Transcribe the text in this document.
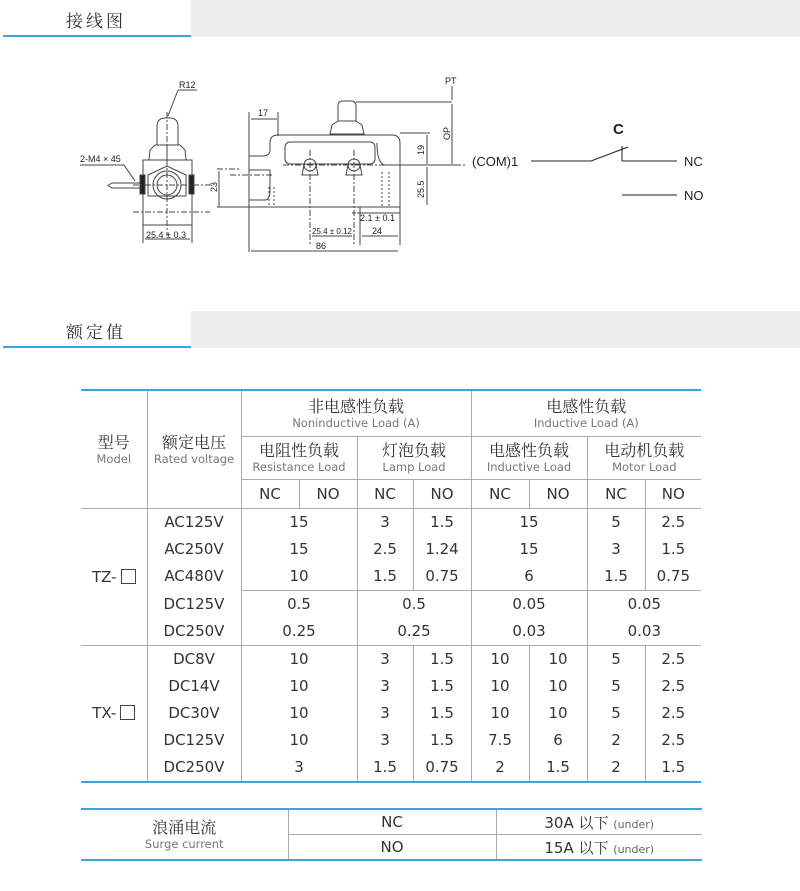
接线图
R12
2-M4 × 45
25.4 ± 0.3
23
PT
OP
17
19
25.5
2.1 ± 0.1
25.4 ± 0.12 24
86
C
(COM)1	NC
NO
额定值
型号
Model	额定电压
Rated voltage	非电感性负载
Noninductive Load (A)				电感性负载
Inductive Load (A)			

		电阻性负载
Resistance Load		灯泡负载
Lamp Load		电感性负载
Inductive Load		电动机负载
Motor Load	

		NC	NO	NC	NO	NC	NO	NC	NO
TZ-	AC125V	15		3	1.5	15		5	2.5
	AC250V	15		2.5	1.24	15		3	1.5
	AC480V	10		1.5	0.75	6		1.5	0.75
	DC125V	0.5		0.5		0.05		0.05	
	DC250V	0.25		0.25		0.03		0.03	
TX-	DC8V	10		3	1.5	10	10	5	2.5
	DC14V	10		3	1.5	10	10	5	2.5
	DC30V	10		3	1.5	10	10	5	2.5
	DC125V	10		3	1.5	7.5	6	2	2.5
	DC250V	3		1.5	0.75	2	1.5	2	1.5
浪涌电流
Surge current	NC	30A 以下 (under)
	NO	15A 以下 (under)
